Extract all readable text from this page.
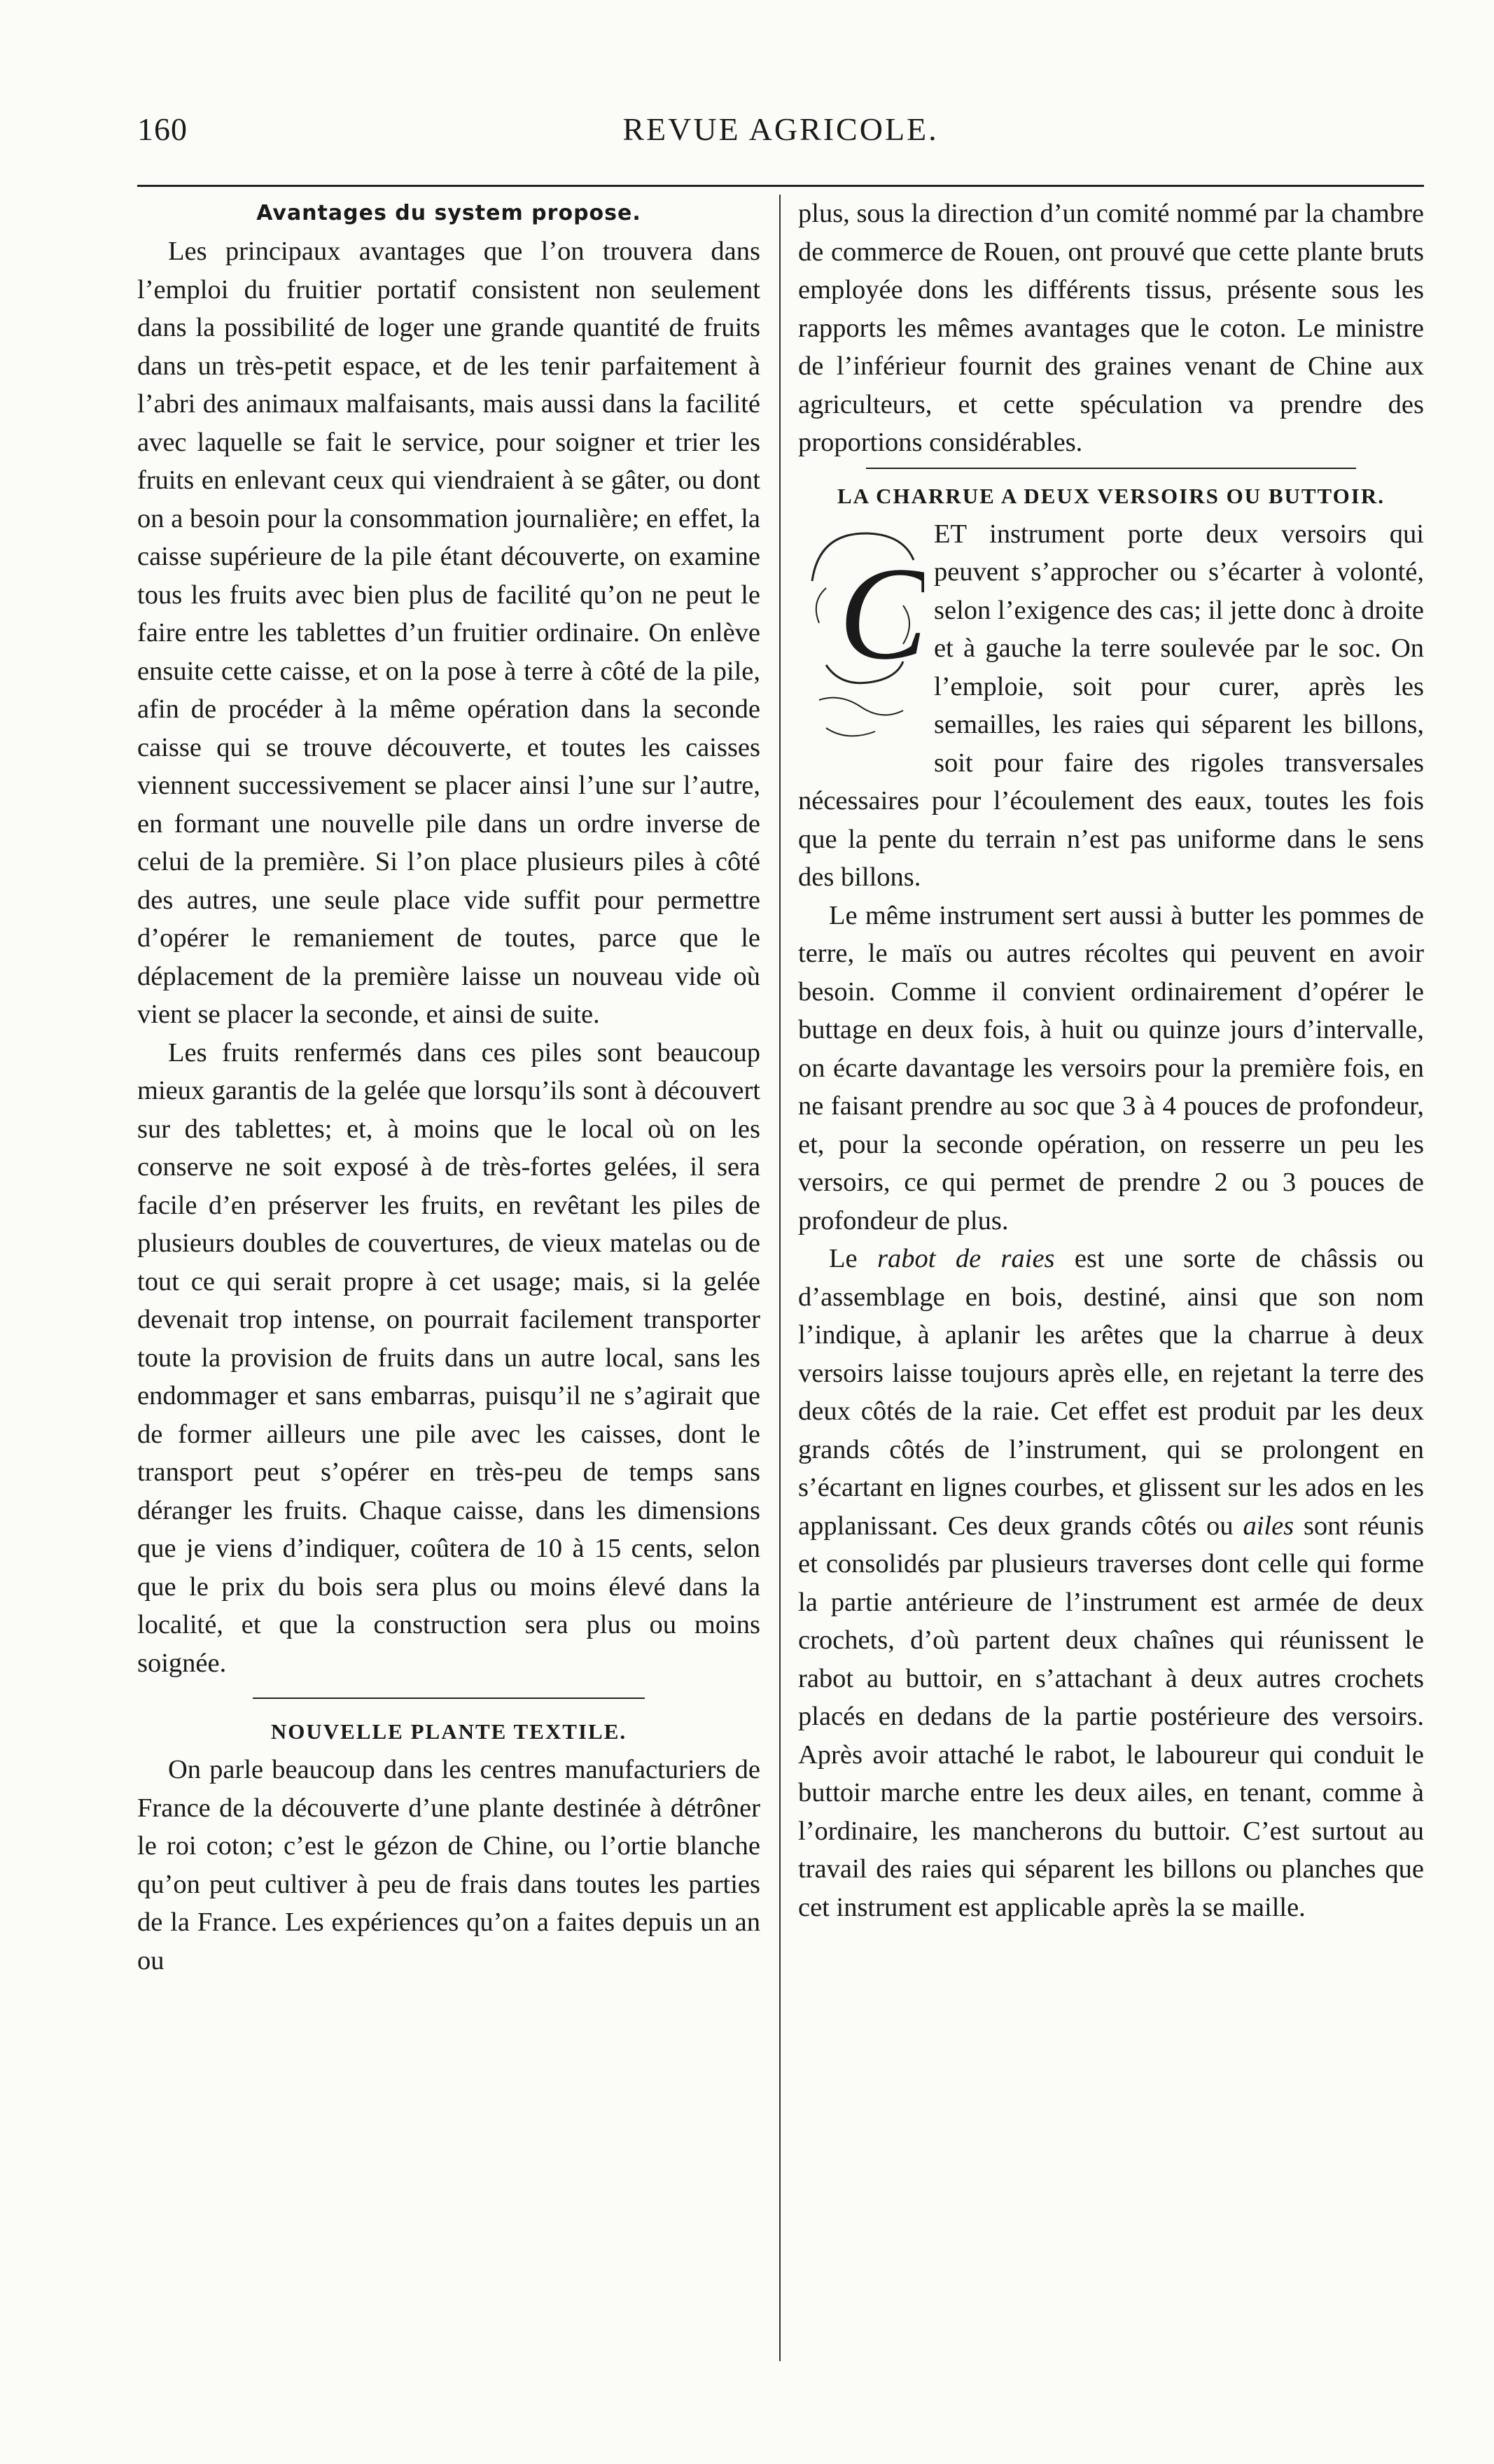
160	REVUE AGRICOLE.
Avantages du system propose.

Les principaux avantages que l’on trouvera dans l’emploi du fruitier portatif consistent non seulement dans la possibilité de loger une grande quantité de fruits dans un très-petit espace, et de les tenir parfaitement à l’abri des animaux malfaisants, mais aussi dans la facilité avec laquelle se fait le service, pour soigner et trier les fruits en enlevant ceux qui viendraient à se gâter, ou dont on a besoin pour la consommation journalière; en effet, la caisse supérieure de la pile étant découverte, on examine tous les fruits avec bien plus de facilité qu’on ne peut le faire entre les tablettes d’un fruitier ordinaire. On enlève ensuite cette caisse, et on la pose à terre à côté de la pile, afin de procéder à la même opération dans la seconde caisse qui se trouve découverte, et toutes les caisses viennent successivement se placer ainsi l’une sur l’autre, en formant une nouvelle pile dans un ordre inverse de celui de la première. Si l’on place plusieurs piles à côté des autres, une seule place vide suffit pour permettre d’opérer le remaniement de toutes, parce que le déplacement de la première laisse un nouveau vide où vient se placer la seconde, et ainsi de suite.

Les fruits renfermés dans ces piles sont beaucoup mieux garantis de la gelée que lorsqu’ils sont à découvert sur des tablettes; et, à moins que le local où on les conserve ne soit exposé à de très-fortes gelées, il sera facile d’en préserver les fruits, en revêtant les piles de plusieurs doubles de couvertures, de vieux matelas ou de tout ce qui serait propre à cet usage; mais, si la gelée devenait trop intense, on pourrait facilement transporter toute la provision de fruits dans un autre local, sans les endommager et sans embarras, puisqu’il ne s’agirait que de former ailleurs une pile avec les caisses, dont le transport peut s’opérer en très-peu de temps sans déranger les fruits. Chaque caisse, dans les dimensions que je viens d’indiquer, coûtera de 10 à 15 cents, selon que le prix du bois sera plus ou moins élevé dans la localité, et que la construction sera plus ou moins soignée.

NOUVELLE PLANTE TEXTILE.

On parle beaucoup dans les centres manufacturiers de France de la découverte d’une plante destinée à détrôner le roi coton; c’est le gézon de Chine, ou l’ortie blanche qu’on peut cultiver à peu de frais dans toutes les parties de la France. Les expériences qu’on a faites depuis un an ou

plus, sous la direction d’un comité nommé par la chambre de commerce de Rouen, ont prouvé que cette plante bruts employée dons les différents tissus, présente sous les rapports les mêmes avantages que le coton. Le ministre de l’inférieur fournit des graines venant de Chine aux agriculteurs, et cette spéculation va prendre des proportions considérables.

LA CHARRUE A DEUX VERSOIRS OU BUTTOIR.

C
ET instrument porte deux versoirs qui peuvent s’approcher ou s’écarter à volonté, selon l’exigence des cas; il jette donc à droite et à gauche la terre soulevée par le soc. On l’emploie, soit pour curer, après les semailles, les raies qui séparent les billons, soit pour faire des rigoles transversales nécessaires pour l’écoulement des eaux, toutes les fois que la pente du terrain n’est pas uniforme dans le sens des billons.

Le même instrument sert aussi à butter les pommes de terre, le maïs ou autres récoltes qui peuvent en avoir besoin. Comme il convient ordinairement d’opérer le buttage en deux fois, à huit ou quinze jours d’intervalle, on écarte davantage les versoirs pour la première fois, en ne faisant prendre au soc que 3 à 4 pouces de profondeur, et, pour la seconde opération, on resserre un peu les versoirs, ce qui permet de prendre 2 ou 3 pouces de profondeur de plus.

Le rabot de raies est une sorte de châssis ou d’assemblage en bois, destiné, ainsi que son nom l’indique, à aplanir les arêtes que la charrue à deux versoirs laisse toujours après elle, en rejetant la terre des deux côtés de la raie. Cet effet est produit par les deux grands côtés de l’instrument, qui se prolongent en s’écartant en lignes courbes, et glissent sur les ados en les applanissant. Ces deux grands côtés ou ailes sont réunis et consolidés par plusieurs traverses dont celle qui forme la partie antérieure de l’instrument est armée de deux crochets, d’où partent deux chaînes qui réunissent le rabot au buttoir, en s’attachant à deux autres crochets placés en dedans de la partie postérieure des versoirs. Après avoir attaché le rabot, le laboureur qui conduit le buttoir marche entre les deux ailes, en tenant, comme à l’ordinaire, les mancherons du buttoir. C’est surtout au travail des raies qui séparent les billons ou planches que cet instrument est applicable après la se maille.
